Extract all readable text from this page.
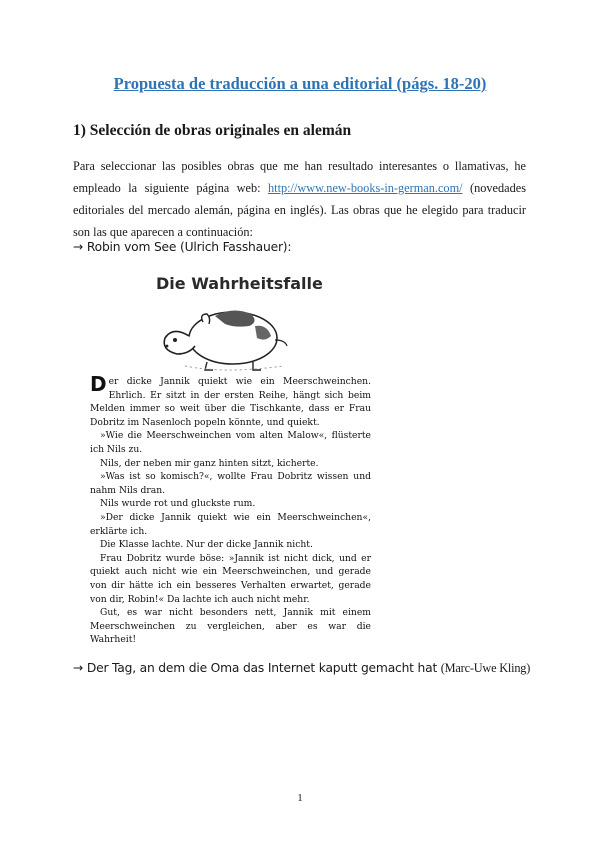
Propuesta de traducción a una editorial (págs. 18-20)
1) Selección de obras originales en alemán
Para seleccionar las posibles obras que me han resultado interesantes o llamativas, he empleado la siguiente página web: http://www.new-books-in-german.com/ (novedades editoriales del mercado alemán, página en inglés). Las obras que he elegido para traducir son las que aparecen a continuación:
→ Robin vom See (Ulrich Fasshauer):
Die Wahrheitsfalle

Der dicke Jannik quiekt wie ein Meerschweinchen. Ehrlich. Er sitzt in der ersten Reihe, hängt sich beim Melden immer so weit über die Tischkante, dass er Frau Dobritz im Nasenloch popeln könnte, und quiekt.

»Wie die Meerschweinchen vom alten Malow«, flüsterte ich Nils zu.

Nils, der neben mir ganz hinten sitzt, kicherte.

»Was ist so komisch?«, wollte Frau Dobritz wissen und nahm Nils dran.

Nils wurde rot und gluckste rum.

»Der dicke Jannik quiekt wie ein Meerschweinchen«, erklärte ich.

Die Klasse lachte. Nur der dicke Jannik nicht.

Frau Dobritz wurde böse: »Jannik ist nicht dick, und er quiekt auch nicht wie ein Meerschweinchen, und gerade von dir hätte ich ein besseres Verhalten erwartet, gerade von dir, Robin!« Da lachte ich auch nicht mehr.

Gut, es war nicht besonders nett, Jannik mit einem Meerschweinchen zu vergleichen, aber es war die Wahrheit!

→ Der Tag, an dem die Oma das Internet kaputt gemacht hat (Marc-Uwe Kling)
1
